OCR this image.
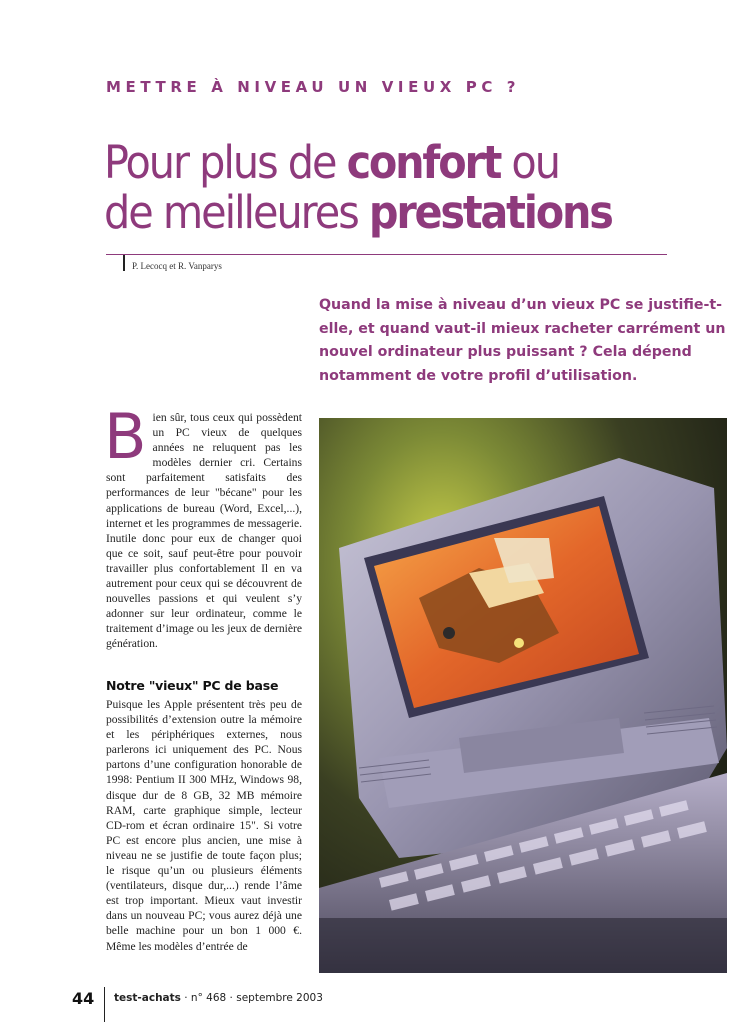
METTRE À NIVEAU UN VIEUX PC ?
Pour plus de confort ou
de meilleures prestations
P. Lecocq et R. Vanparys

Quand la mise à niveau d’un vieux PC se justifie-t-elle, et quand vaut-il mieux racheter carrément un nouvel ordinateur plus puissant ? Cela dépend notamment de votre profil d’utilisation.

Bien sûr, tous ceux qui possèdent un PC vieux de quelques années ne reluquent pas les modèles dernier cri. Certains sont parfaitement satisfaits des performances de leur "bécane" pour les applications de bureau (Word, Excel,...), internet et les programmes de messagerie. Inutile donc pour eux de changer quoi que ce soit, sauf peut-être pour pouvoir travailler plus confortablement Il en va autrement pour ceux qui se découvrent de nouvelles passions et qui veulent s’y adonner sur leur ordinateur, comme le traitement d’image ou les jeux de dernière génération.

Notre "vieux" PC de base

Puisque les Apple présentent très peu de possibilités d’extension outre la mémoire et les périphériques externes, nous parlerons ici uniquement des PC. Nous partons d’une configuration honorable de 1998: Pentium II 300 MHz, Windows 98, disque dur de 8 GB, 32 MB mémoire RAM, carte graphique simple, lecteur CD-rom et écran ordinaire 15". Si votre PC est encore plus ancien, une mise à niveau ne se justifie de toute façon plus; le risque qu’un ou plusieurs éléments (ventilateurs, disque dur,...) rende l’âme est trop important. Mieux vaut investir dans un nouveau PC; vous aurez déjà une belle machine pour un bon 1 000 €. Même les modèles d’entrée de

44 test-achats · n° 468 · septembre 2003
